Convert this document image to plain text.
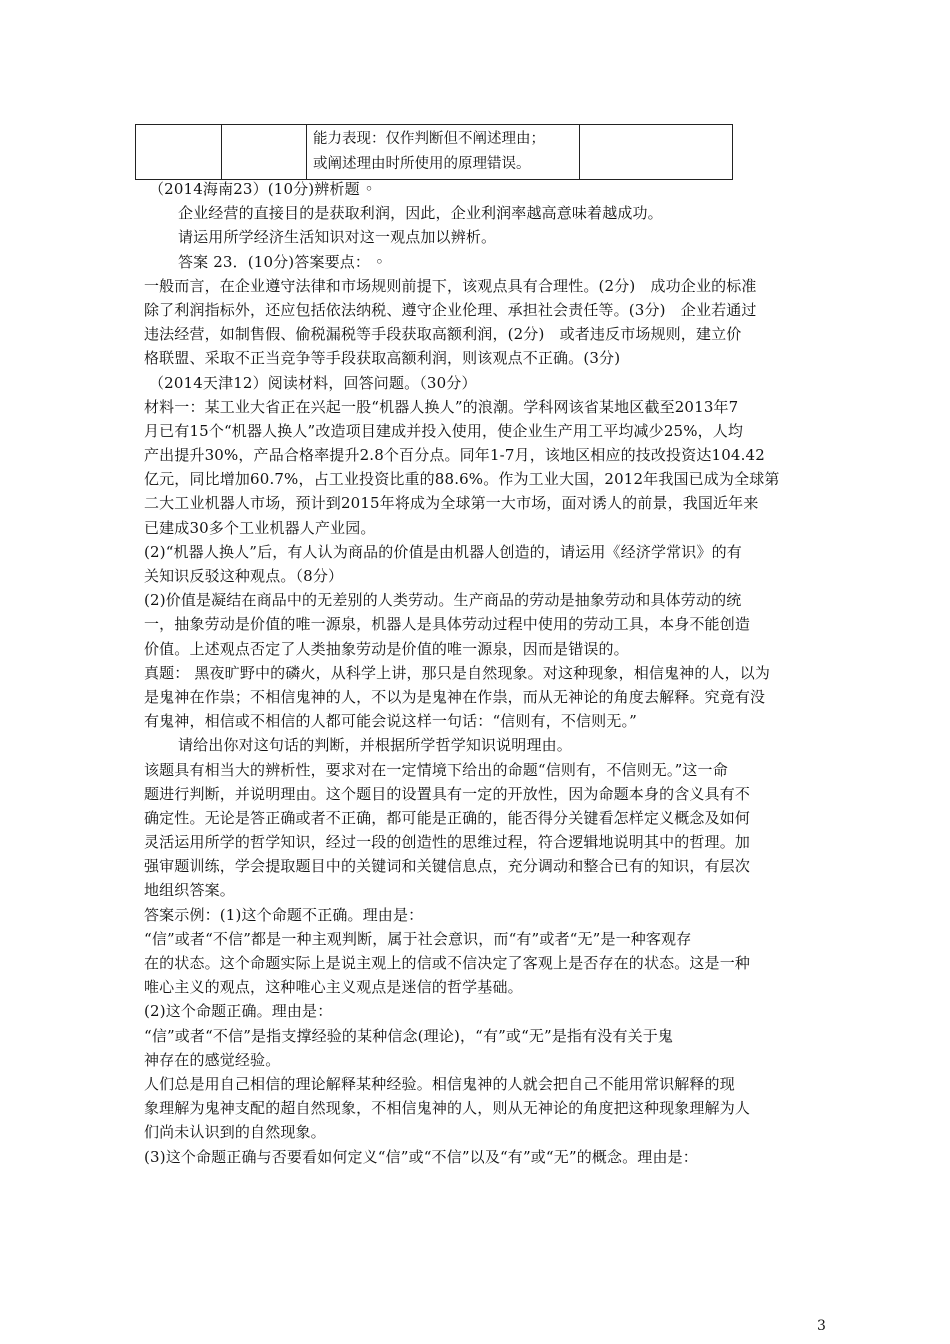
能力表现：仅作判断但不阐述理由；
或阐述理由时所使用的原理错误。

（2014海南23）(10分)辨析题 ◦
企业经营的直接目的是获取利润，因此，企业利润率越高意味着越成功。
请运用所学经济生活知识对这一观点加以辨析。
答案 23．(10分)答案要点： ◦
一般而言，在企业遵守法律和市场规则前提下，该观点具有合理性。(2分)　成功企业的标准
除了利润指标外，还应包括依法纳税、遵守企业伦理、承担社会责任等。(3分)　企业若通过
违法经营，如制售假、偷税漏税等手段获取高额利润，(2分)　或者违反市场规则，建立价
格联盟、采取不正当竞争等手段获取高额利润，则该观点不正确。(3分)
（2014天津12）阅读材料，回答问题。（30分）
材料一：某工业大省正在兴起一股“机器人换人”的浪潮。学科网该省某地区截至2013年7
月已有15个“机器人换人”改造项目建成并投入使用，使企业生产用工平均减少25%，人均
产出提升30%，产品合格率提升2.8个百分点。同年1-7月，该地区相应的技改投资达104.42
亿元，同比增加60.7%，占工业投资比重的88.6%。作为工业大国，2012年我国已成为全球第
二大工业机器人市场，预计到2015年将成为全球第一大市场，面对诱人的前景，我国近年来
已建成30多个工业机器人产业园。
(2)“机器人换人”后，有人认为商品的价值是由机器人创造的，请运用《经济学常识》的有
关知识反驳这种观点。（8分）
(2)价值是凝结在商品中的无差别的人类劳动。生产商品的劳动是抽象劳动和具体劳动的统
一，抽象劳动是价值的唯一源泉，机器人是具体劳动过程中使用的劳动工具，本身不能创造
价值。上述观点否定了人类抽象劳动是价值的唯一源泉，因而是错误的。
真题： 黑夜旷野中的磷火，从科学上讲，那只是自然现象。对这种现象，相信鬼神的人，以为
是鬼神在作祟；不相信鬼神的人，不以为是鬼神在作祟，而从无神论的角度去解释。究竟有没
有鬼神，相信或不相信的人都可能会说这样一句话：“信则有，不信则无。”
请给出你对这句话的判断，并根据所学哲学知识说明理由。
该题具有相当大的辨析性，要求对在一定情境下给出的命题“信则有，不信则无。”这一命
题进行判断，并说明理由。这个题目的设置具有一定的开放性，因为命题本身的含义具有不
确定性。无论是答正确或者不正确，都可能是正确的，能否得分关键看怎样定义概念及如何
灵活运用所学的哲学知识，经过一段的创造性的思维过程，符合逻辑地说明其中的哲理。加
强审题训练，学会提取题目中的关键词和关键信息点，充分调动和整合已有的知识，有层次
地组织答案。
答案示例：(1)这个命题不正确。理由是：
“信”或者“不信”都是一种主观判断，属于社会意识，而“有”或者“无”是一种客观存
在的状态。这个命题实际上是说主观上的信或不信决定了客观上是否存在的状态。这是一种
唯心主义的观点，这种唯心主义观点是迷信的哲学基础。
(2)这个命题正确。理由是：
“信”或者“不信”是指支撑经验的某种信念(理论)，“有”或“无”是指有没有关于鬼
神存在的感觉经验。
人们总是用自己相信的理论解释某种经验。相信鬼神的人就会把自己不能用常识解释的现
象理解为鬼神支配的超自然现象，不相信鬼神的人，则从无神论的角度把这种现象理解为人
们尚未认识到的自然现象。
(3)这个命题正确与否要看如何定义“信”或“不信”以及“有”或“无”的概念。理由是：
3
